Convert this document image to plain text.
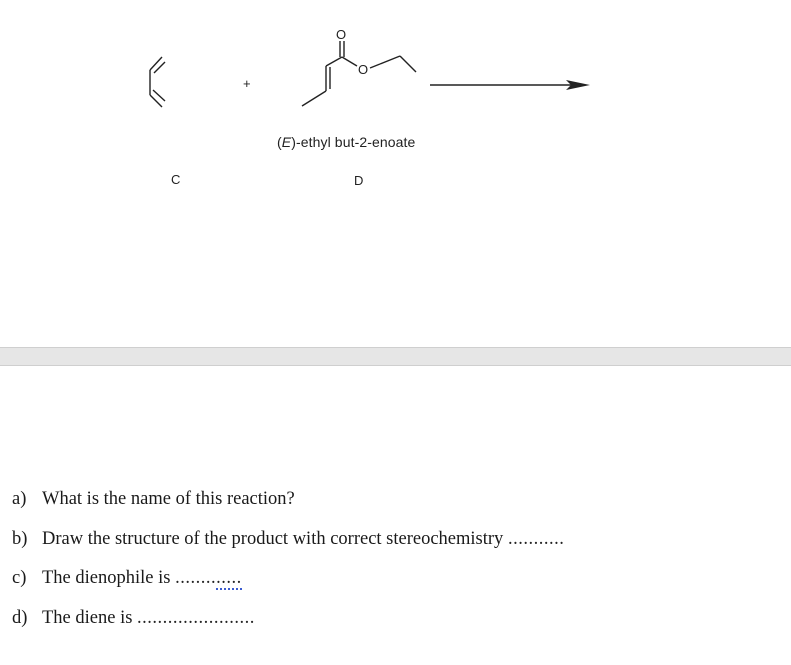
O
O
+
(E)-ethyl but-2-enoate
C	D
a) What is the name of this reaction?
b) Draw the structure of the product with correct stereochemistry ...........
c) The dienophile is .............
d) The diene is .......................
